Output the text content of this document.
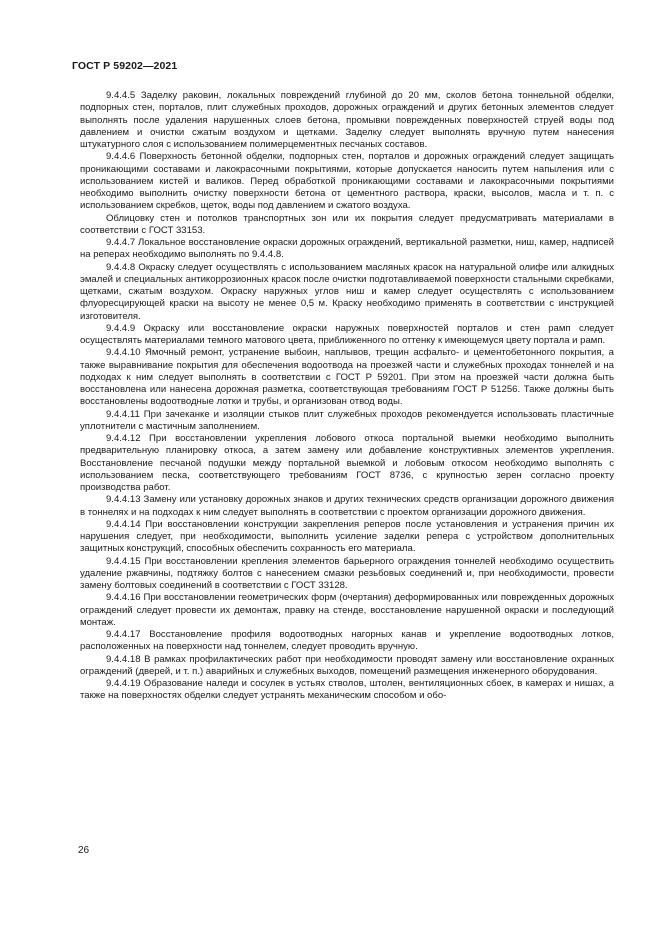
ГОСТ Р 59202—2021

9.4.4.5 Заделку раковин, локальных повреждений глубиной до 20 мм, сколов бетона тоннельной обделки, подпорных стен, порталов, плит служебных проходов, дорожных ограждений и других бетонных элементов следует выполнять после удаления нарушенных слоев бетона, промывки поврежденных поверхностей струей воды под давлением и очистки сжатым воздухом и щетками. Заделку следует выполнять вручную путем нанесения штукатурного слоя с использованием полимерцементных песчаных составов.

9.4.4.6 Поверхность бетонной обделки, подпорных стен, порталов и дорожных ограждений следует защищать проникающими составами и лакокрасочными покрытиями, которые допускается наносить путем напыления или с использованием кистей и валиков. Перед обработкой проникающими составами и лакокрасочными покрытиями необходимо выполнить очистку поверхности бетона от цементного раствора, краски, высолов, масла и т. п. с использованием скребков, щеток, воды под давлением и сжатого воздуха.

Облицовку стен и потолков транспортных зон или их покрытия следует предусматривать материалами в соответствии с ГОСТ 33153.

9.4.4.7 Локальное восстановление окраски дорожных ограждений, вертикальной разметки, ниш, камер, надписей на реперах необходимо выполнять по 9.4.4.8.

9.4.4.8 Окраску следует осуществлять с использованием масляных красок на натуральной олифе или алкидных эмалей и специальных антикоррозионных красок после очистки подготавливаемой поверхности стальными скребками, щетками, сжатым воздухом. Окраску наружных углов ниш и камер следует осуществлять с использованием флуоресцирующей краски на высоту не менее 0,5 м. Краску необходимо применять в соответствии с инструкцией изготовителя.

9.4.4.9 Окраску или восстановление окраски наружных поверхностей порталов и стен рамп следует осуществлять материалами темного матового цвета, приближенного по оттенку к имеющемуся цвету портала и рамп.

9.4.4.10 Ямочный ремонт, устранение выбоин, наплывов, трещин асфальто- и цементобетонного покрытия, а также выравнивание покрытия для обеспечения водоотвода на проезжей части и служебных проходах тоннелей и на подходах к ним следует выполнять в соответствии с ГОСТ Р 59201. При этом на проезжей части должна быть восстановлена или нанесена дорожная разметка, соответствующая требованиям ГОСТ Р 51256. Также должны быть восстановлены водоотводные лотки и трубы, и организован отвод воды.

9.4.4.11 При зачеканке и изоляции стыков плит служебных проходов рекомендуется использовать пластичные уплотнители с мастичным заполнением.

9.4.4.12 При восстановлении укрепления лобового откоса портальной выемки необходимо выполнить предварительную планировку откоса, а затем замену или добавление конструктивных элементов укрепления. Восстановление песчаной подушки между портальной выемкой и лобовым откосом необходимо выполнять с использованием песка, соответствующего требованиям ГОСТ 8736, с крупностью зерен согласно проекту производства работ.

9.4.4.13 Замену или установку дорожных знаков и других технических средств организации дорожного движения в тоннелях и на подходах к ним следует выполнять в соответствии с проектом организации дорожного движения.

9.4.4.14 При восстановлении конструкции закрепления реперов после установления и устранения причин их нарушения следует, при необходимости, выполнить усиление заделки репера с устройством дополнительных защитных конструкций, способных обеспечить сохранность его материала.

9.4.4.15 При восстановлении крепления элементов барьерного ограждения тоннелей необходимо осуществить удаление ржавчины, подтяжку болтов с нанесением смазки резьбовых соединений и, при необходимости, провести замену болтовых соединений в соответствии с ГОСТ 33128.

9.4.4.16 При восстановлении геометрических форм (очертания) деформированных или поврежденных дорожных ограждений следует провести их демонтаж, правку на стенде, восстановление нарушенной окраски и последующий монтаж.

9.4.4.17 Восстановление профиля водоотводных нагорных канав и укрепление водоотводных лотков, расположенных на поверхности над тоннелем, следует проводить вручную.

9.4.4.18 В рамках профилактических работ при необходимости проводят замену или восстановление охранных ограждений (дверей, и т. п.) аварийных и служебных выходов, помещений размещения инженерного оборудования.

9.4.4.19 Образование наледи и сосулек в устьях стволов, штолен, вентиляционных сбоек, в камерах и нишах, а также на поверхностях обделки следует устранять механическим способом и обо-

26
